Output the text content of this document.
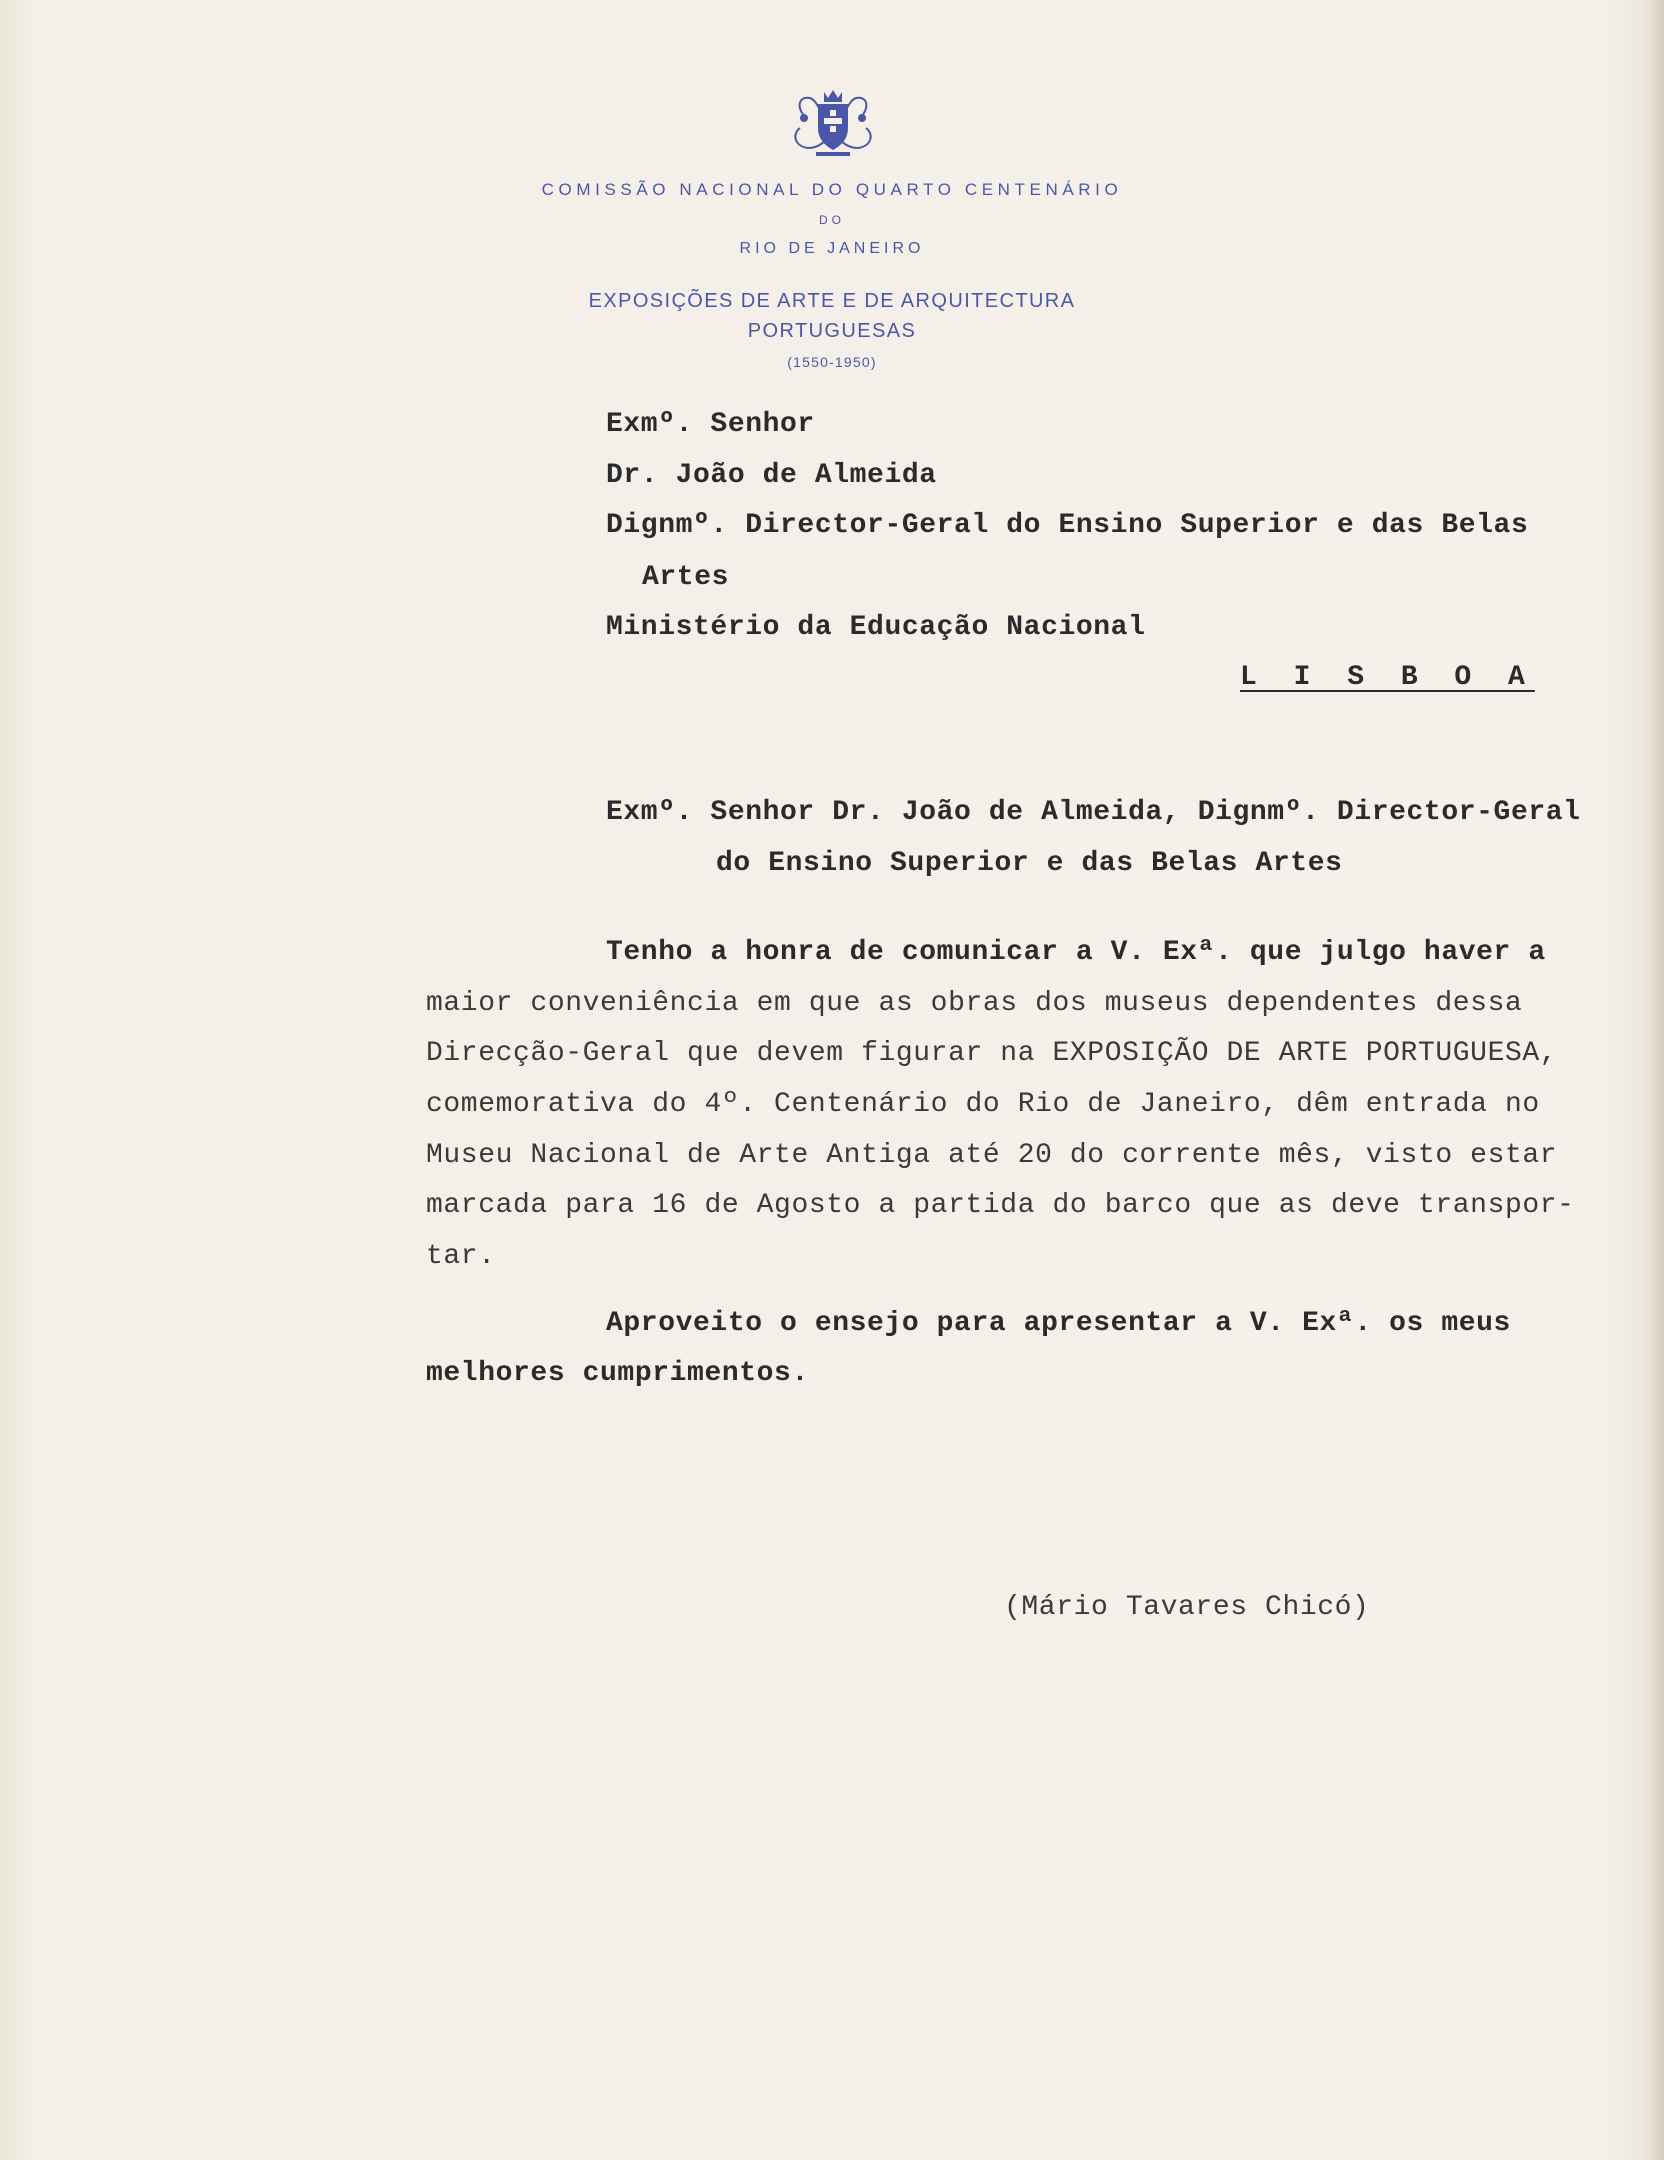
COMISSÃO NACIONAL DO QUARTO CENTENÁRIO
DO
RIO DE JANEIRO
EXPOSIÇÕES DE ARTE E DE ARQUITECTURA
PORTUGUESAS
(1550-1950)
Exmº. Senhor
Dr. João de Almeida
Dignmº. Director-Geral do Ensino Superior e das Belas
Artes
Ministério da Educação Nacional
L I S B O A
Exmº. Senhor Dr. João de Almeida, Dignmº. Director-Geral
do Ensino Superior e das Belas Artes
Tenho a honra de comunicar a V. Exª. que julgo haver a
maior conveniência em que as obras dos museus dependentes dessa
Direcção-Geral que devem figurar na EXPOSIÇÃO DE ARTE PORTUGUESA,
comemorativa do 4º. Centenário do Rio de Janeiro, dêm entrada no
Museu Nacional de Arte Antiga até 20 do corrente mês, visto estar
marcada para 16 de Agosto a partida do barco que as deve transpor-
tar.
Aproveito o ensejo para apresentar a V. Exª. os meus
melhores cumprimentos.
(Mário Tavares Chicó)
